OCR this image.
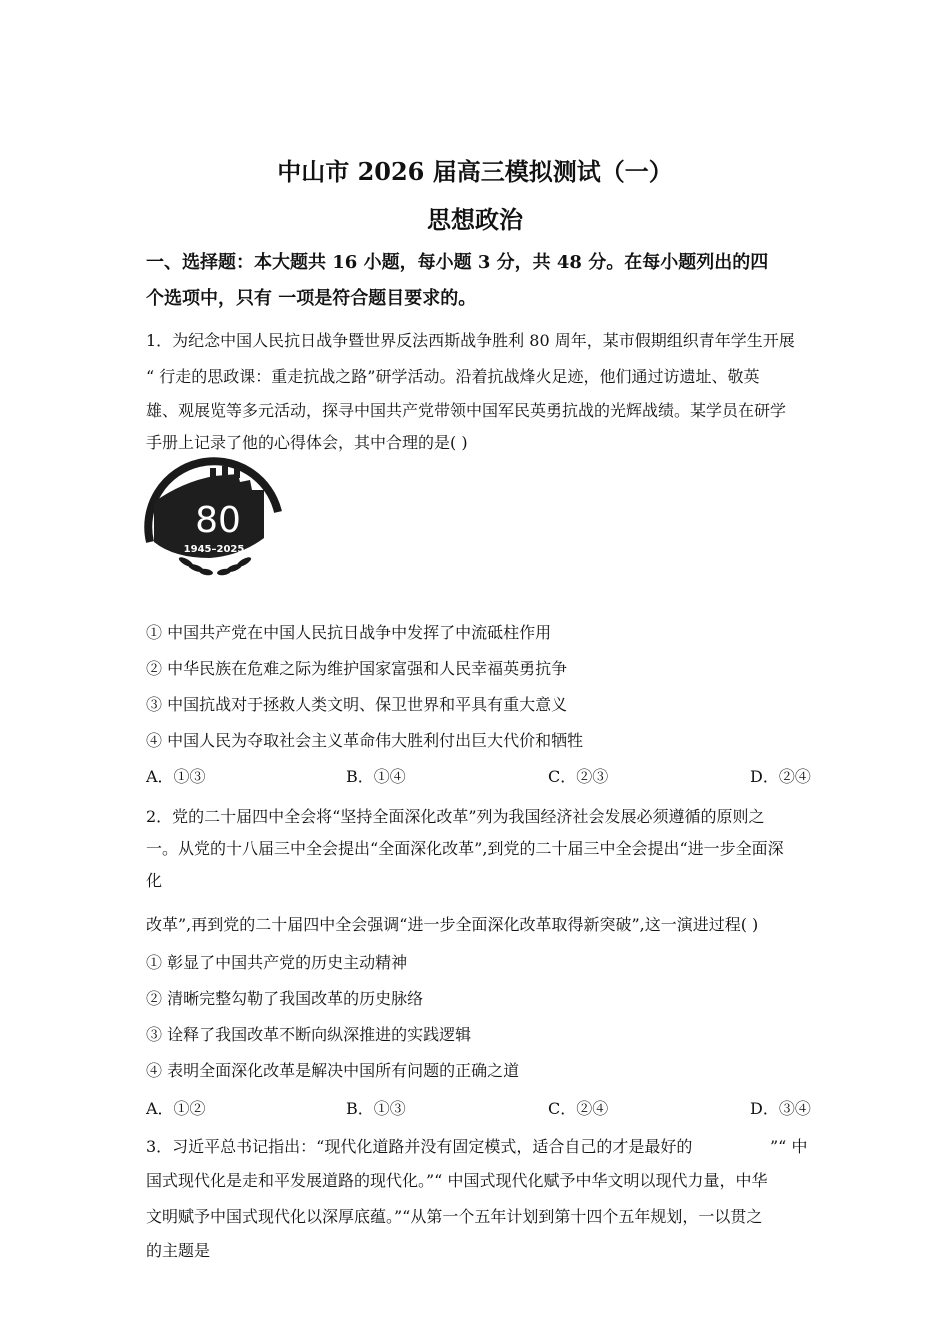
中山市 2026 届高三模拟测试（一）
思想政治
一、选择题：本大题共 16 小题，每小题 3 分，共 48 分。在每小题列出的四
个选项中，只有 一项是符合题目要求的。
1．为纪念中国人民抗日战争暨世界反法西斯战争胜利 80 周年，某市假期组织青年学生开展
“ 行走的思政课：重走抗战之路”研学活动。沿着抗战烽火足迹，他们通过访遗址、敬英
雄、观展览等多元活动，探寻中国共产党带领中国军民英勇抗战的光辉战绩。某学员在研学
手册上记录了他的心得体会，其中合理的是( )
80
1945–2025
① 中国共产党在中国人民抗日战争中发挥了中流砥柱作用
② 中华民族在危难之际为维护国家富强和人民幸福英勇抗争
③ 中国抗战对于拯救人类文明、保卫世界和平具有重大意义
④ 中国人民为夺取社会主义革命伟大胜利付出巨大代价和牺牲
A．①③	B．①④	C．②③	D．②④
2．党的二十届四中全会将“坚持全面深化改革”列为我国经济社会发展必须遵循的原则之
一。从党的十八届三中全会提出“全面深化改革”,到党的二十届三中全会提出“进一步全面深
化
改革”,再到党的二十届四中全会强调“进一步全面深化改革取得新突破”,这一演进过程( )
① 彰显了中国共产党的历史主动精神
② 清晰完整勾勒了我国改革的历史脉络
③ 诠释了我国改革不断向纵深推进的实践逻辑
④ 表明全面深化改革是解决中国所有问题的正确之道
A．①②	B．①③	C．②④	D．③④
3．习近平总书记指出：“现代化道路并没有固定模式，适合自己的才是最好的	”“ 中
国式现代化是走和平发展道路的现代化。”“ 中国式现代化赋予中华文明以现代力量，中华
文明赋予中国式现代化以深厚底蕴。”“从第一个五年计划到第十四个五年规划，一以贯之
的主题是
